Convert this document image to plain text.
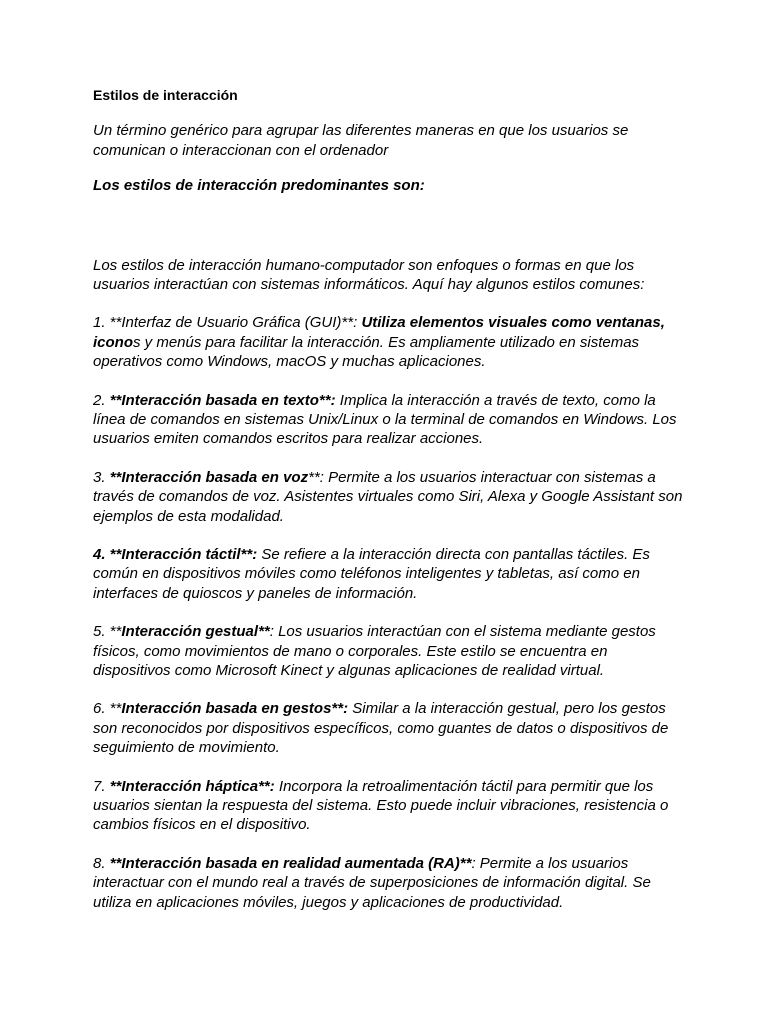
Estilos de interacción

Un término genérico para agrupar las diferentes maneras en que los usuarios se comunican o interaccionan con el ordenador

Los estilos de interacción predominantes son:

Los estilos de interacción humano-computador son enfoques o formas en que los usuarios interactúan con sistemas informáticos. Aquí hay algunos estilos comunes:

1. **Interfaz de Usuario Gráfica (GUI)**: Utiliza elementos visuales como ventanas, iconos y menús para facilitar la interacción. Es ampliamente utilizado en sistemas operativos como Windows, macOS y muchas aplicaciones.

2. **Interacción basada en texto**: Implica la interacción a través de texto, como la línea de comandos en sistemas Unix/Linux o la terminal de comandos en Windows. Los usuarios emiten comandos escritos para realizar acciones.

3. **Interacción basada en voz**: Permite a los usuarios interactuar con sistemas a través de comandos de voz. Asistentes virtuales como Siri, Alexa y Google Assistant son ejemplos de esta modalidad.

4. **Interacción táctil**: Se refiere a la interacción directa con pantallas táctiles. Es común en dispositivos móviles como teléfonos inteligentes y tabletas, así como en interfaces de quioscos y paneles de información.

5. **Interacción gestual**: Los usuarios interactúan con el sistema mediante gestos físicos, como movimientos de mano o corporales. Este estilo se encuentra en dispositivos como Microsoft Kinect y algunas aplicaciones de realidad virtual.

6. **Interacción basada en gestos**: Similar a la interacción gestual, pero los gestos son reconocidos por dispositivos específicos, como guantes de datos o dispositivos de seguimiento de movimiento.

7. **Interacción háptica**: Incorpora la retroalimentación táctil para permitir que los usuarios sientan la respuesta del sistema. Esto puede incluir vibraciones, resistencia o cambios físicos en el dispositivo.

8. **Interacción basada en realidad aumentada (RA)**: Permite a los usuarios interactuar con el mundo real a través de superposiciones de información digital. Se utiliza en aplicaciones móviles, juegos y aplicaciones de productividad.
